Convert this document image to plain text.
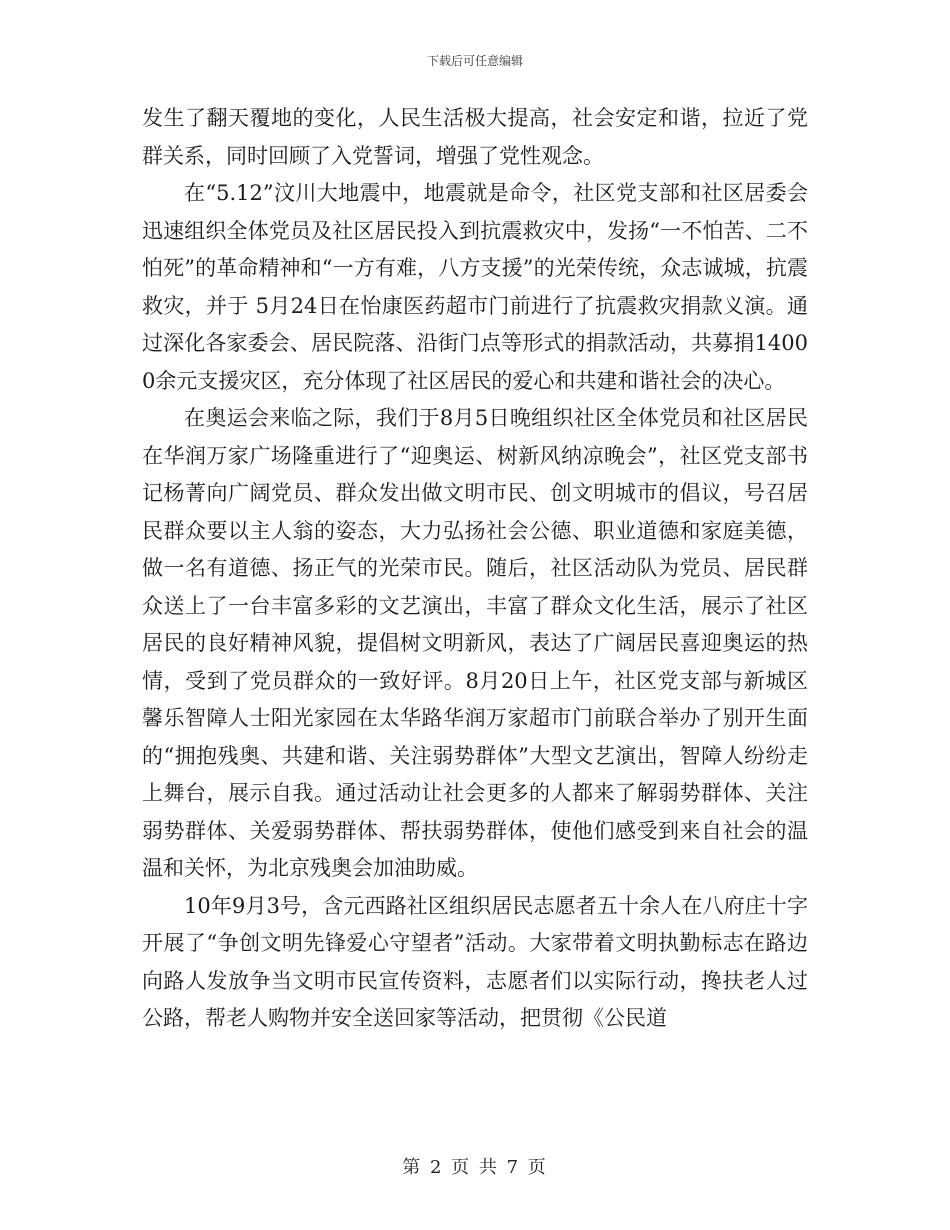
下载后可任意编辑

发生了翻天覆地的变化，人民生活极大提高，社会安定和谐，拉近了党群关系，同时回顾了入党誓词，增强了党性观念。

在“5.12”汶川大地震中，地震就是命令，社区党支部和社区居委会迅速组织全体党员及社区居民投入到抗震救灾中，发扬“一不怕苦、二不怕死”的革命精神和“一方有难，八方支援”的光荣传统，众志诚城，抗震救灾，并于 5月24日在怡康医药超市门前进行了抗震救灾捐款义演。通过深化各家委会、居民院落、沿街门点等形式的捐款活动，共募捐14000余元支援灾区，充分体现了社区居民的爱心和共建和谐社会的决心。

在奥运会来临之际，我们于8月5日晚组织社区全体党员和社区居民在华润万家广场隆重进行了“迎奥运、树新风纳凉晚会”，社区党支部书记杨菁向广阔党员、群众发出做文明市民、创文明城市的倡议，号召居民群众要以主人翁的姿态，大力弘扬社会公德、职业道德和家庭美德，做一名有道德、扬正气的光荣市民。随后，社区活动队为党员、居民群众送上了一台丰富多彩的文艺演出，丰富了群众文化生活，展示了社区居民的良好精神风貌，提倡树文明新风，表达了广阔居民喜迎奥运的热情，受到了党员群众的一致好评。8月20日上午，社区党支部与新城区馨乐智障人士阳光家园在太华路华润万家超市门前联合举办了别开生面的“拥抱残奥、共建和谐、关注弱势群体”大型文艺演出，智障人纷纷走上舞台，展示自我。通过活动让社会更多的人都来了解弱势群体、关注弱势群体、关爱弱势群体、帮扶弱势群体，使他们感受到来自社会的温温和关怀，为北京残奥会加油助威。

10年9月3号，含元西路社区组织居民志愿者五十余人在八府庄十字开展了“争创文明先锋爱心守望者”活动。大家带着文明执勤标志在路边向路人发放争当文明市民宣传资料，志愿者们以实际行动，搀扶老人过公路，帮老人购物并安全送回家等活动，把贯彻《公民道

第 2 页 共 7 页
